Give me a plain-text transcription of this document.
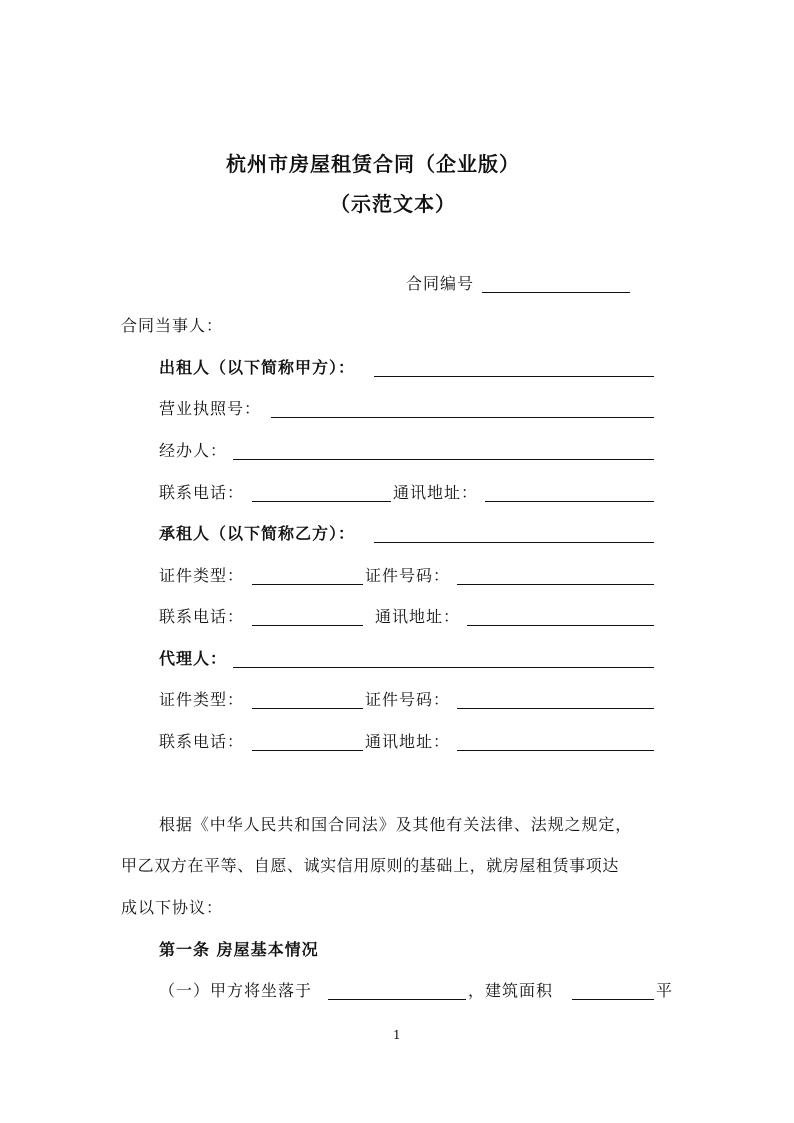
杭州市房屋租赁合同（企业版）
（示范文本）
合同编号
合同当事人：
出租人（以下简称甲方）：
营业执照号：
经办人：
联系电话：	通讯地址：
承租人（以下简称乙方）：
证件类型：	证件号码：
联系电话：	通讯地址：
代理人：
证件类型：	证件号码：
联系电话：	通讯地址：
根据《中华人民共和国合同法》及其他有关法律、法规之规定，
甲乙双方在平等、自愿、诚实信用原则的基础上，就房屋租赁事项达
成以下协议：
第一条 房屋基本情况
（一）甲方将坐落于	，建筑面积	平
1
